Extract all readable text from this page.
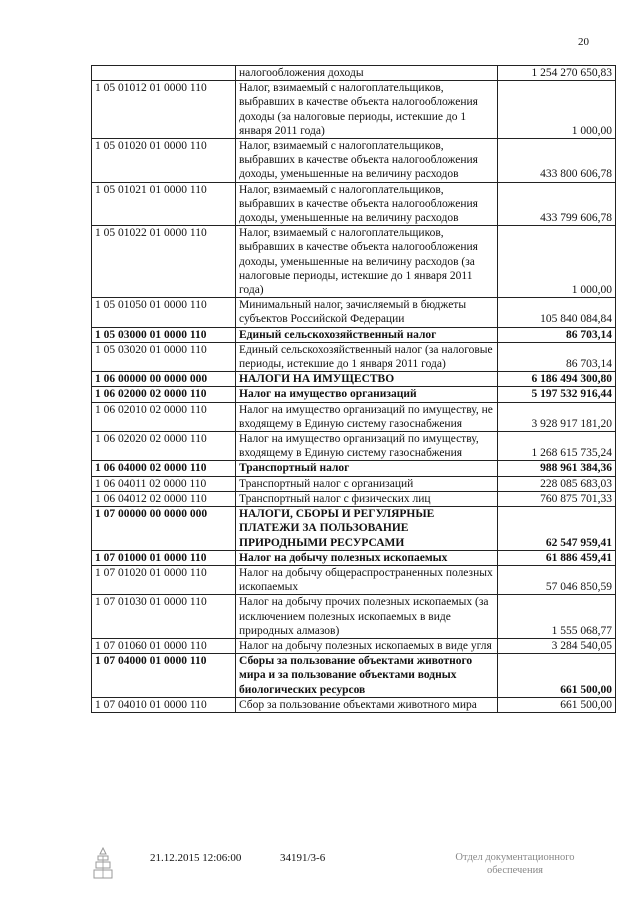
20
	налогообложения доходы	1 254 270 650,83
1 05 01012 01 0000 110	Налог, взимаемый с налогоплательщиков, выбравших в качестве объекта налогообложения доходы (за налоговые периоды, истекшие до 1 января 2011 года)	1 000,00
1 05 01020 01 0000 110	Налог, взимаемый с налогоплательщиков, выбравших в качестве объекта налогообложения доходы, уменьшенные на величину расходов	433 800 606,78
1 05 01021 01 0000 110	Налог, взимаемый с налогоплательщиков, выбравших в качестве объекта налогообложения доходы, уменьшенные на величину расходов	433 799 606,78
1 05 01022 01 0000 110	Налог, взимаемый с налогоплательщиков, выбравших в качестве объекта налогообложения доходы, уменьшенные на величину расходов (за налоговые периоды, истекшие до 1 января 2011 года)	1 000,00
1 05 01050 01 0000 110	Минимальный налог, зачисляемый в бюджеты субъектов Российской Федерации	105 840 084,84
1 05 03000 01 0000 110	Единый сельскохозяйственный налог	86 703,14
1 05 03020 01 0000 110	Единый сельскохозяйственный налог (за налоговые периоды, истекшие до 1 января 2011 года)	86 703,14
1 06 00000 00 0000 000	НАЛОГИ НА ИМУЩЕСТВО	6 186 494 300,80
1 06 02000 02 0000 110	Налог на имущество организаций	5 197 532 916,44
1 06 02010 02 0000 110	Налог на имущество организаций по имуществу, не входящему в Единую систему газоснабжения	3 928 917 181,20
1 06 02020 02 0000 110	Налог на имущество организаций по имуществу, входящему в Единую систему газоснабжения	1 268 615 735,24
1 06 04000 02 0000 110	Транспортный налог	988 961 384,36
1 06 04011 02 0000 110	Транспортный налог с организаций	228 085 683,03
1 06 04012 02 0000 110	Транспортный налог с физических лиц	760 875 701,33
1 07 00000 00 0000 000	НАЛОГИ, СБОРЫ И РЕГУЛЯРНЫЕ ПЛАТЕЖИ ЗА ПОЛЬЗОВАНИЕ ПРИРОДНЫМИ РЕСУРСАМИ	62 547 959,41
1 07 01000 01 0000 110	Налог на добычу полезных ископаемых	61 886 459,41
1 07 01020 01 0000 110	Налог на добычу общераспространенных полезных ископаемых	57 046 850,59
1 07 01030 01 0000 110	Налог на добычу прочих полезных ископаемых (за исключением полезных ископаемых в виде природных алмазов)	1 555 068,77
1 07 01060 01 0000 110	Налог на добычу полезных ископаемых в виде угля	3 284 540,05
1 07 04000 01 0000 110	Сборы за пользование объектами животного мира и за пользование объектами водных биологических ресурсов	661 500,00
1 07 04010 01 0000 110	Сбор за пользование объектами животного мира	661 500,00
21.12.2015 12:06:00	34191/3-6	Отдел документационного
обеспечения
